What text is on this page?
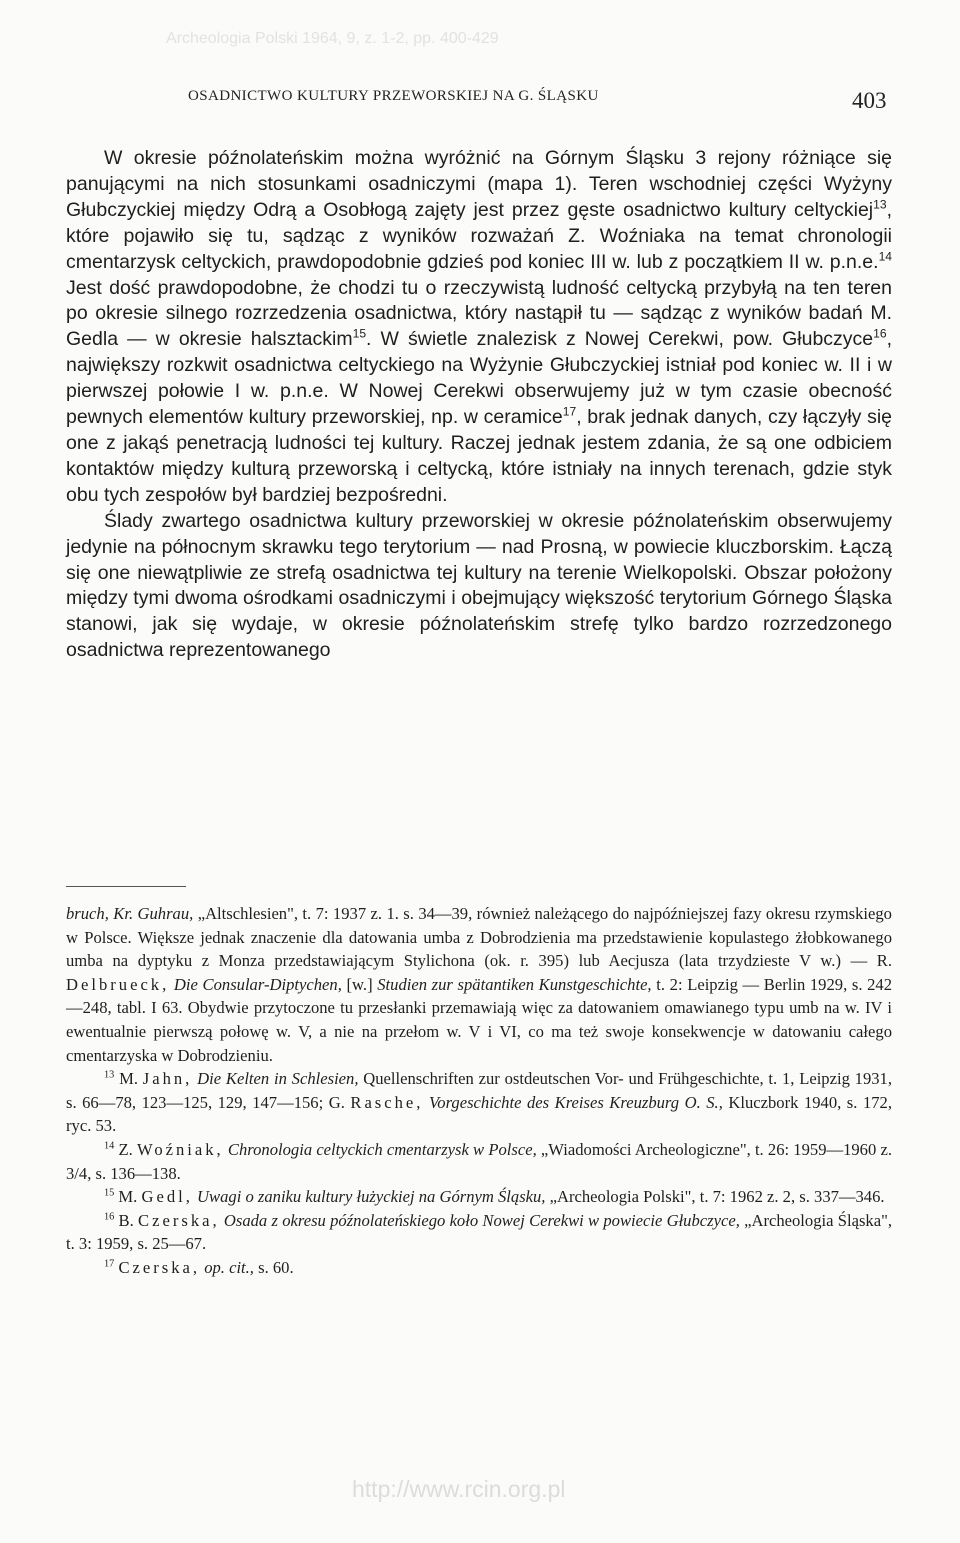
Archeologia Polski 1964, 9, z. 1-2, pp. 400-429
OSADNICTWO KULTURY PRZEWORSKIEJ NA G. ŚLĄSKU	403

W okresie późnolateńskim można wyróżnić na Górnym Śląsku 3 rejony różniące się panującymi na nich stosunkami osadniczymi (mapa 1). Teren wschodniej części Wyżyny Głubczyckiej między Odrą a Osobłogą zajęty jest przez gęste osadnictwo kultury celtyckiej$^{13}$, które pojawiło się tu, sądząc z wyników rozważań Z. Woźniaka na temat chronologii cmentarzysk celtyckich, prawdopodobnie gdzieś pod koniec III w. lub z początkiem II w. p.n.e.$^{14}$ Jest dość prawdopodobne, że chodzi tu o rzeczywistą ludność celtycką przybyłą na ten teren po okresie silnego rozrzedzenia osadnictwa, który nastąpił tu — sądząc z wyników badań M. Gedla — w okresie halsztackim$^{15}$. W świetle znalezisk z Nowej Cerekwi, pow. Głubczyce$^{16}$, największy rozkwit osadnictwa celtyckiego na Wyżynie Głubczyckiej istniał pod koniec w. II i w pierwszej połowie I w. p.n.e. W Nowej Cerekwi obserwujemy już w tym czasie obecność pewnych elementów kultury przeworskiej, np. w ceramice$^{17}$, brak jednak danych, czy łączyły się one z jakąś penetracją ludności tej kultury. Raczej jednak jestem zdania, że są one odbiciem kontaktów między kulturą przeworską i celtycką, które istniały na innych terenach, gdzie styk obu tych zespołów był bardziej bezpośredni.

Ślady zwartego osadnictwa kultury przeworskiej w okresie późnolateńskim obserwujemy jedynie na północnym skrawku tego terytorium — nad Prosną, w powiecie kluczborskim. Łączą się one niewątpliwie ze strefą osadnictwa tej kultury na terenie Wielkopolski. Obszar położony między tymi dwoma ośrodkami osadniczymi i obejmujący większość terytorium Górnego Śląska stanowi, jak się wydaje, w okresie późnolateńskim strefę tylko bardzo rozrzedzonego osadnictwa reprezentowanego

bruch, Kr. Guhrau, „Altschlesien", t. 7: 1937 z. 1. s. 34—39, również należącego do najpóźniejszej fazy okresu rzymskiego w Polsce. Większe jednak znaczenie dla datowania umba z Dobrodzienia ma przedstawienie kopulastego żłobkowanego umba na dyptyku z Monza przedstawiającym Stylichona (ok. r. 395) lub Aecjusza (lata trzydzieste V w.) — R. Delbrueck, Die Consular-Diptychen, [w.] Studien zur spätantiken Kunstgeschichte, t. 2: Leipzig — Berlin 1929, s. 242—248, tabl. I 63. Obydwie przytoczone tu przesłanki przemawiają więc za datowaniem omawianego typu umb na w. IV i ewentualnie pierwszą połowę w. V, a nie na przełom w. V i VI, co ma też swoje konsekwencje w datowaniu całego cmentarzyska w Dobrodzieniu.

$^{13}$ M. Jahn, Die Kelten in Schlesien, Quellenschriften zur ostdeutschen Vor- und Frühgeschichte, t. 1, Leipzig 1931, s. 66—78, 123—125, 129, 147—156; G. Rasche, Vorgeschichte des Kreises Kreuzburg O. S., Kluczbork 1940, s. 172, ryc. 53.

$^{14}$ Z. Woźniak, Chronologia celtyckich cmentarzysk w Polsce, „Wiadomości Archeologiczne", t. 26: 1959—1960 z. 3/4, s. 136—138.

$^{15}$ M. Gedl, Uwagi o zaniku kultury łużyckiej na Górnym Śląsku, „Archeologia Polski", t. 7: 1962 z. 2, s. 337—346.

$^{16}$ B. Czerska, Osada z okresu późnolateńskiego koło Nowej Cerekwi w powiecie Głubczyce, „Archeologia Śląska", t. 3: 1959, s. 25—67.

$^{17}$ Czerska, op. cit., s. 60.

http://www.rcin.org.pl
